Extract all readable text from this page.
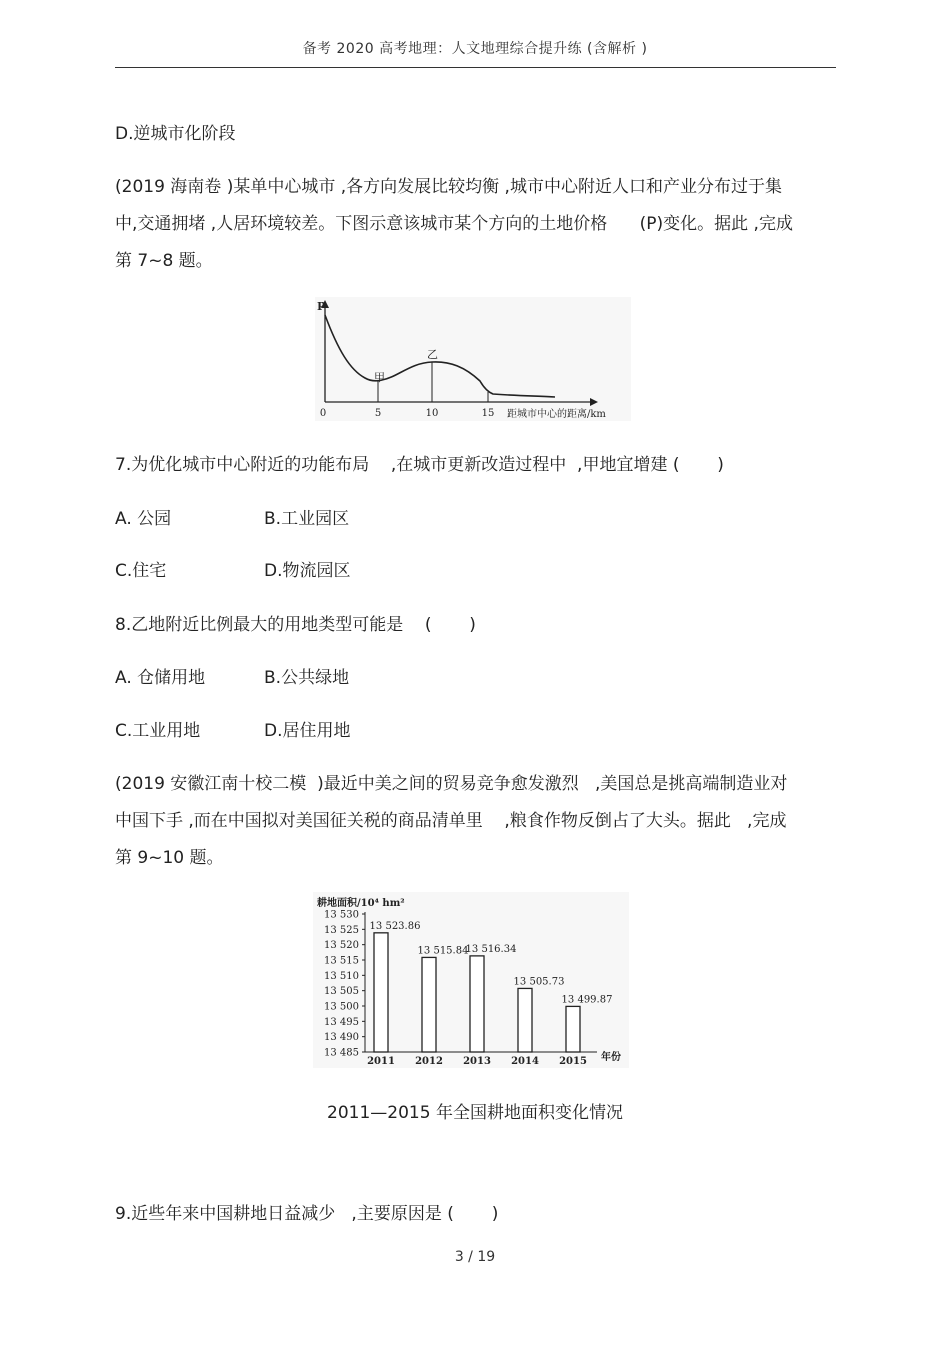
备考 2020 高考地理：人文地理综合提升练 (含解析 )
D.逆城市化阶段
(2019 海南卷 )某单中心城市 ,各方向发展比较均衡 ,城市中心附近人口和产业分布过于集
中,交通拥堵 ,人居环境较差。下图示意该城市某个方向的土地价格      (P)变化。据此 ,完成
第 7~8 题。
P
甲
乙
0	5	10	15 距城市中心的距离/km
7.为优化城市中心附近的功能布局    ,在城市更新改造过程中  ,甲地宜增建 (       )
A. 公园	B.工业园区
C.住宅	D.物流园区
8.乙地附近比例最大的用地类型可能是    (       )
A. 仓储用地	B.公共绿地
C.工业用地	D.居住用地
(2019 安徽江南十校二模  )最近中美之间的贸易竞争愈发激烈   ,美国总是挑高端制造业对
中国下手 ,而在中国拟对美国征关税的商品清单里    ,粮食作物反倒占了大头。据此   ,完成
第 9~10 题。
耕地面积/10⁴ hm²
13 485
13 490
13 495
13 500
13 505
13 510
13 515
13 520
13 525
13 530
13 523.86
2011
13 515.84
2012
13 516.34
2013
13 505.73
2014
13 499.87
2015 年份
2011—2015 年全国耕地面积变化情况
9.近些年来中国耕地日益减少   ,主要原因是 (       )
3 / 19
